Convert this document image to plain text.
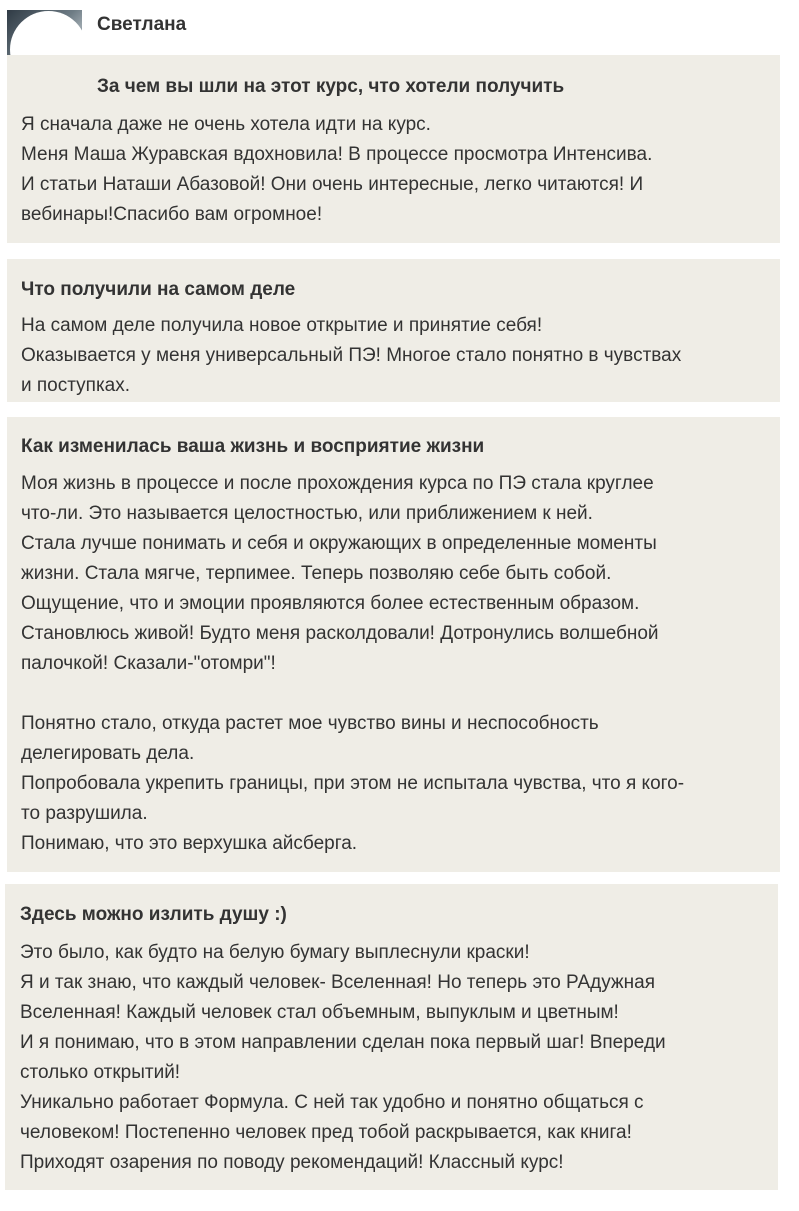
Светлана
За чем вы шли на этот курс, что хотели получить
Я сначала даже не очень хотела идти на курс.
Меня Маша Журавская вдохновила! В процессе просмотра Интенсива.
И статьи Наташи Абазовой! Они очень интересные, легко читаются! И
вебинары!Спасибо вам огромное!
Что получили на самом деле
На самом деле получила новое открытие и принятие себя!
Оказывается у меня универсальный ПЭ! Многое стало понятно в чувствах
и поступках.
Как изменилась ваша жизнь и восприятие жизни
Моя жизнь в процессе и после прохождения курса по ПЭ стала круглее
что-ли. Это называется целостностью, или приближением к ней.
Стала лучше понимать и себя и окружающих в определенные моменты
жизни. Стала мягче, терпимее. Теперь позволяю себе быть собой.
Ощущение, что и эмоции проявляются более естественным образом.
Становлюсь живой! Будто меня расколдовали! Дотронулись волшебной
палочкой! Сказали-"отомри"!

Понятно стало, откуда растет мое чувство вины и неспособность
делегировать дела.
Попробовала укрепить границы, при этом не испытала чувства, что я кого-
то разрушила.
Понимаю, что это верхушка айсберга.
Здесь можно излить душу :)
Это было, как будто на белую бумагу выплеснули краски!
Я и так знаю, что каждый человек- Вселенная! Но теперь это РАдужная
Вселенная! Каждый человек стал объемным, выпуклым и цветным!
И я понимаю, что в этом направлении сделан пока первый шаг! Впереди
столько открытий!
Уникально работает Формула. С ней так удобно и понятно общаться с
человеком! Постепенно человек пред тобой раскрывается, как книга!
Приходят озарения по поводу рекомендаций! Классный курс!
